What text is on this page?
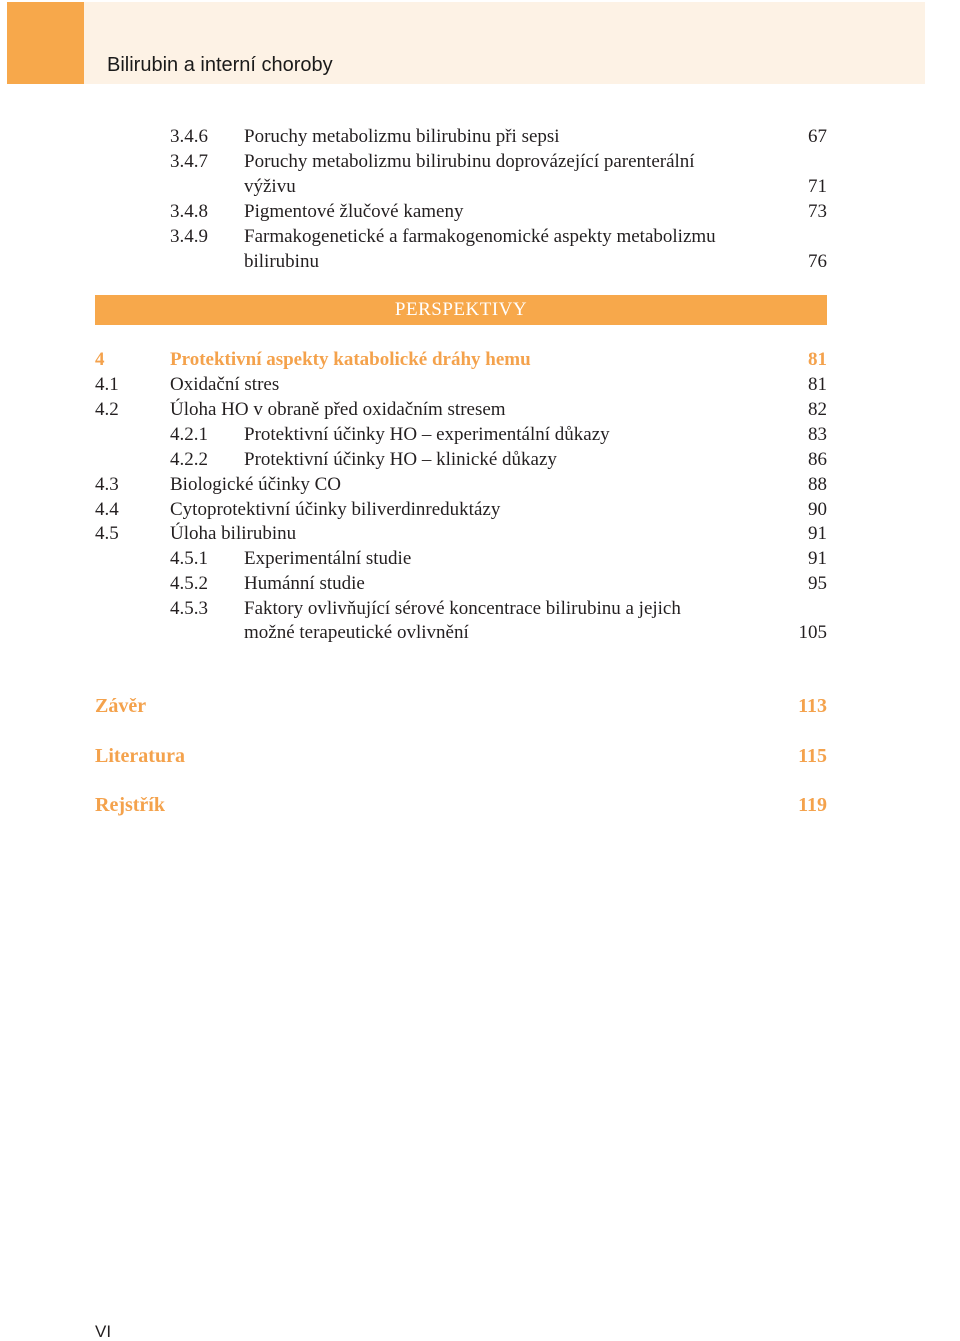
Bilirubin a interní choroby
3.4.6 Poruchy metabolizmu bilirubinu při sepsi	67
3.4.7 Poruchy metabolizmu bilirubinu doprovázející parenterální
výživu	71
3.4.8 Pigmentové žlučové kameny	73
3.4.9 Farmakogenetické a farmakogenomické aspekty metabolizmu
bilirubinu	76
PERSPEKTIVY
4	Protektivní aspekty katabolické dráhy hemu	81
4.1	Oxidační stres	81
4.2	Úloha HO v obraně před oxidačním stresem	82
4.2.1 Protektivní účinky HO – experimentální důkazy	83
4.2.2 Protektivní účinky HO – klinické důkazy	86
4.3	Biologické účinky CO	88
4.4	Cytoprotektivní účinky biliverdinreduktázy	90
4.5	Úloha bilirubinu	91
4.5.1 Experimentální studie	91
4.5.2 Humánní studie	95
4.5.3 Faktory ovlivňující sérové koncentrace bilirubinu a jejich
možné terapeutické ovlivnění	105
Závěr	113
Literatura	115
Rejstřík	119
VI
